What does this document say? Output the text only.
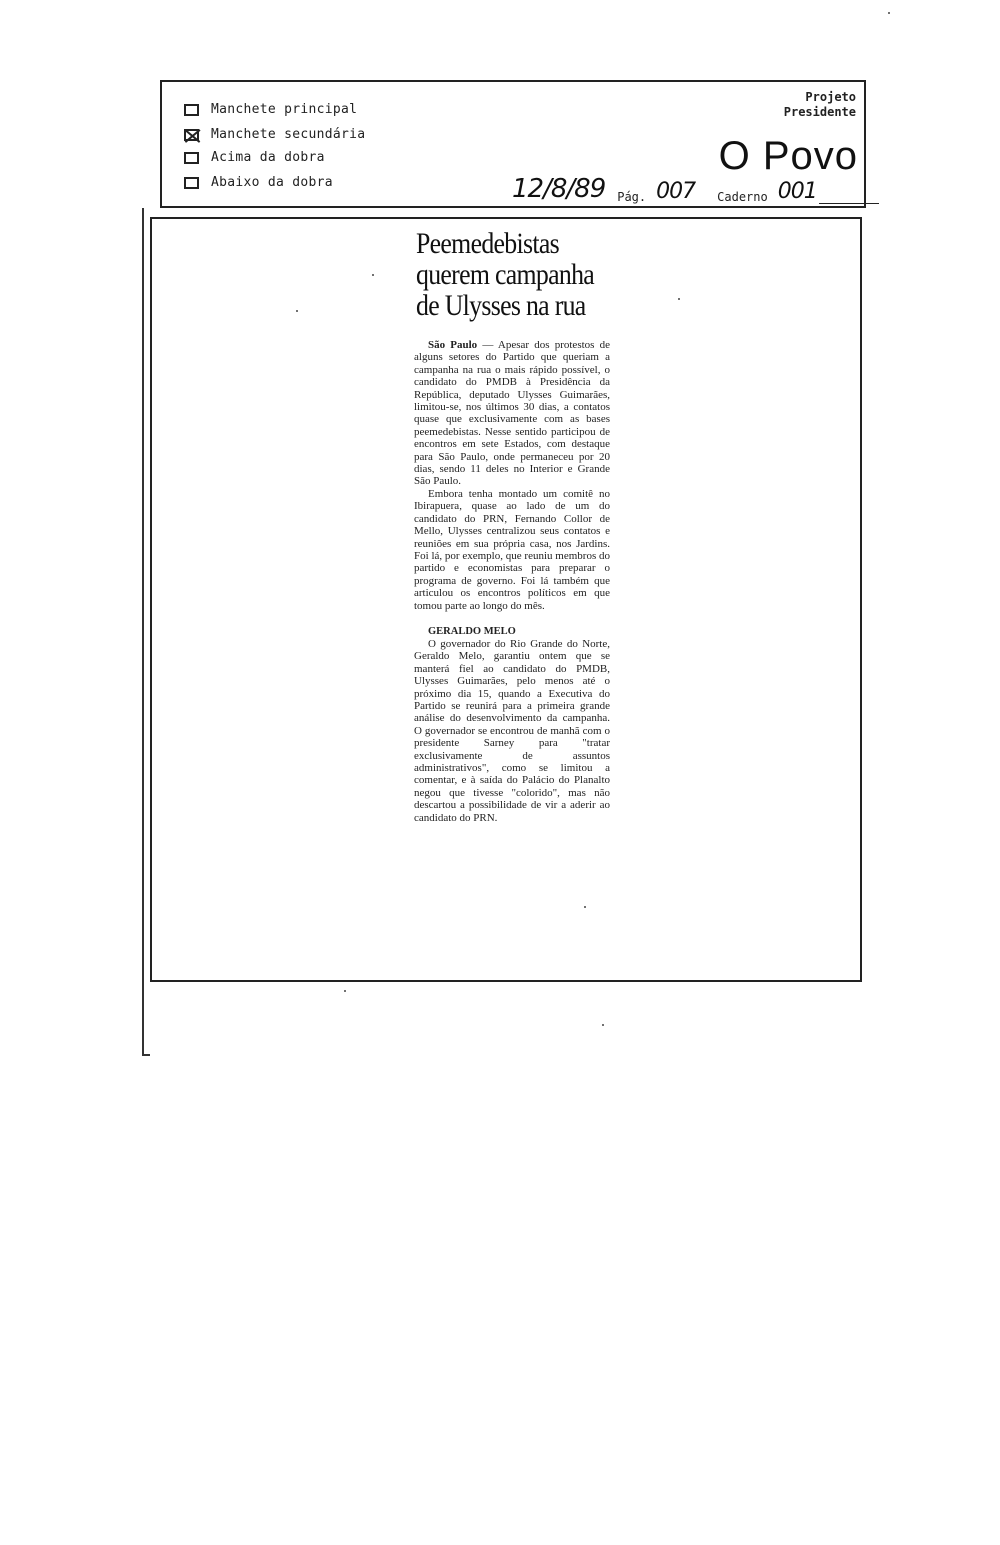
Manchete principal
Manchete secundária
Acima da dobra
Abaixo da dobra
Projeto
Presidente
O Povo
12/8/89 Pág. 007 Caderno 001
Peemedebistas
querem campanha
de Ulysses na rua

São Paulo — Apesar dos protestos de alguns setores do Partido que queriam a campanha na rua o mais rápido possível, o candidato do PMDB à Presidência da República, deputado Ulysses Guimarães, limitou-se, nos últimos 30 dias, a contatos quase que exclusivamente com as bases peemedebistas. Nesse sentido participou de encontros em sete Estados, com destaque para São Paulo, onde permaneceu por 20 dias, sendo 11 deles no Interior e Grande São Paulo.

Embora tenha montado um comitê no Ibirapuera, quase ao lado de um do candidato do PRN, Fernando Collor de Mello, Ulysses centralizou seus contatos e reuniões em sua própria casa, nos Jardins. Foi lá, por exemplo, que reuniu membros do partido e economistas para preparar o programa de governo. Foi lá também que articulou os encontros políticos em que tomou parte ao longo do mês.

GERALDO MELO

O governador do Rio Grande do Norte, Geraldo Melo, garantiu ontem que se manterá fiel ao candidato do PMDB, Ulysses Guimarães, pelo menos até o próximo dia 15, quando a Executiva do Partido se reunirá para a primeira grande análise do desenvolvimento da campanha. O governador se encontrou de manhã com o presidente Sarney para "tratar exclusivamente de assuntos administrativos", como se limitou a comentar, e à saída do Palácio do Planalto negou que tivesse "colorido", mas não descartou a possibilidade de vir a aderir ao candidato do PRN.
